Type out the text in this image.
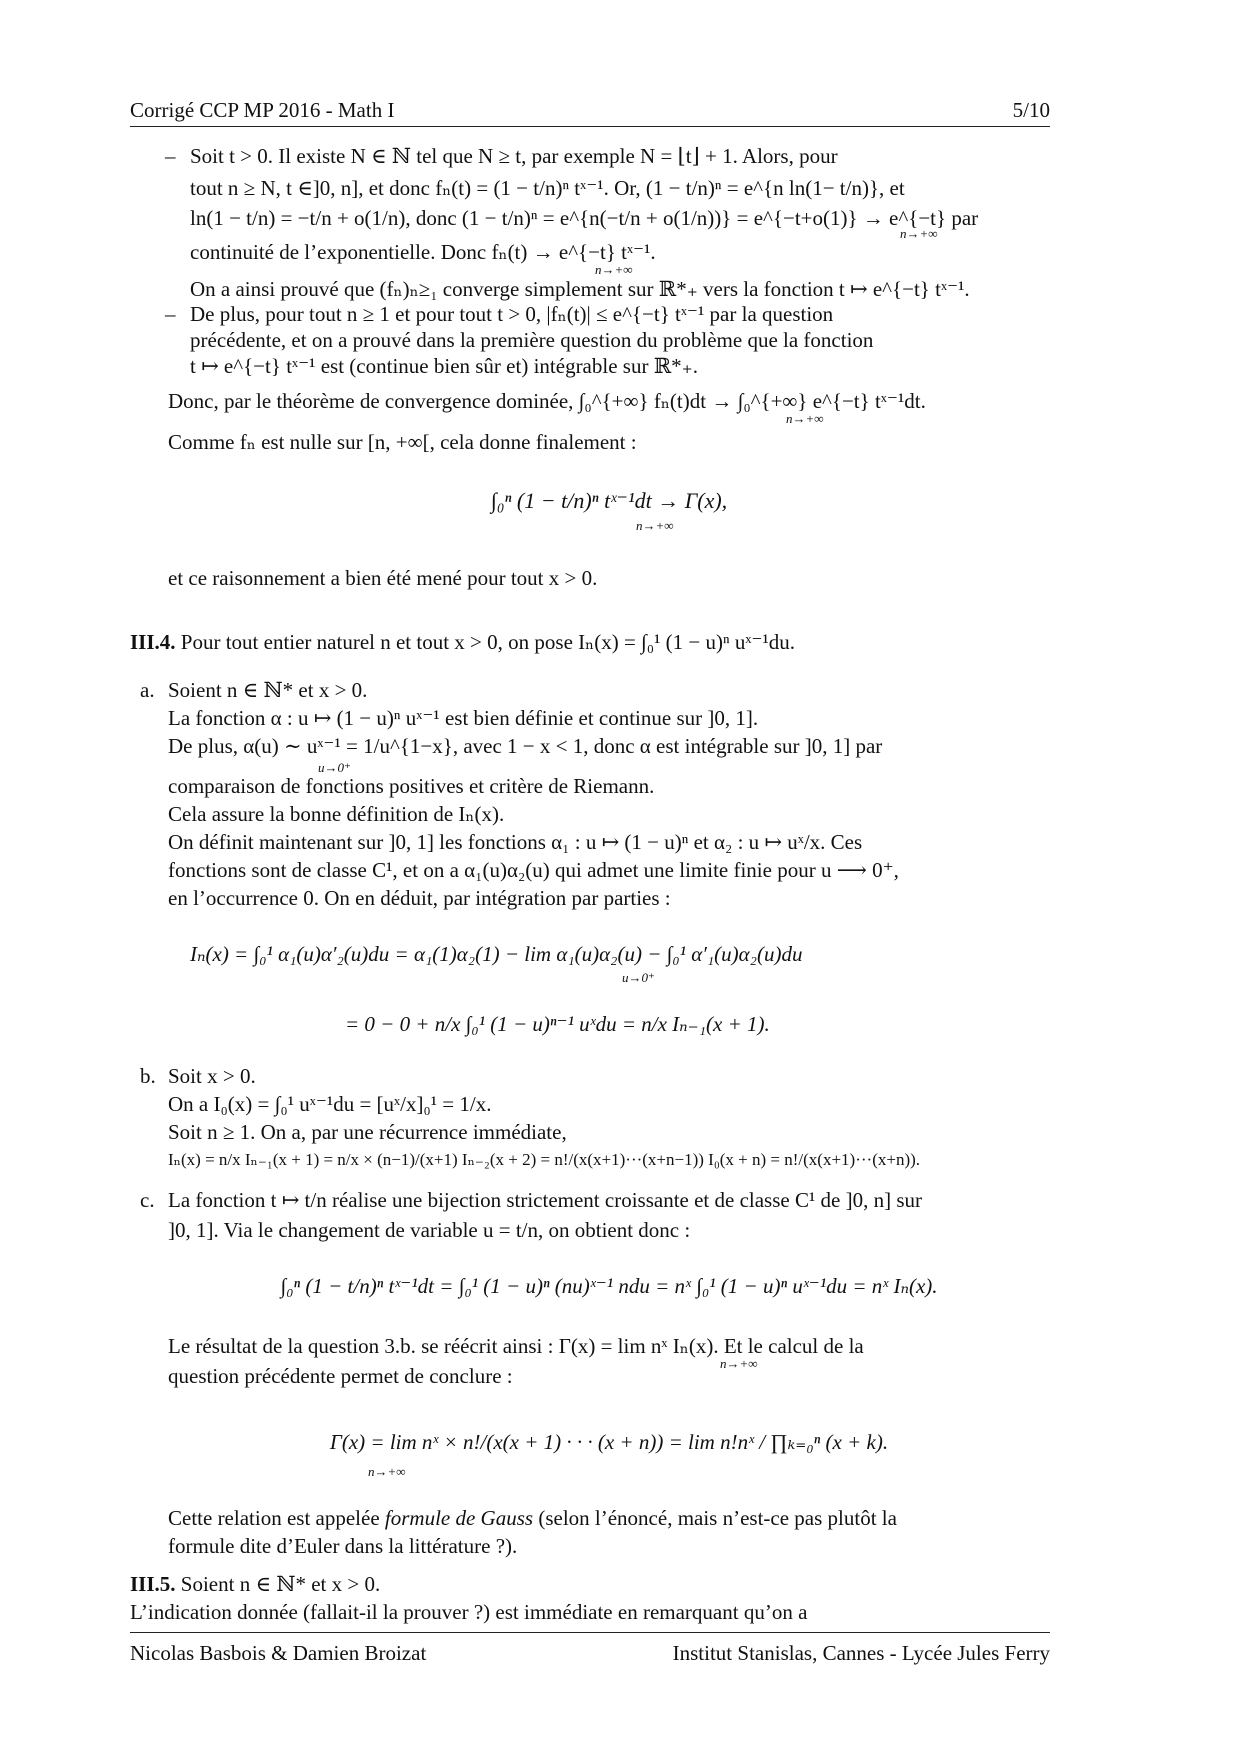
Corrigé CCP MP 2016 - Math I	5/10
– Soit t > 0. Il existe N ∈ ℕ tel que N ≥ t, par exemple N = ⌊t⌋ + 1. Alors, pour
tout n ≥ N, t ∈]0, n], et donc fₙ(t) = (1 − t/n)ⁿ tˣ⁻¹. Or, (1 − t/n)ⁿ = e^{n ln(1− t/n)}, et
ln(1 − t/n) = −t/n + o(1/n), donc (1 − t/n)ⁿ = e^{n(−t/n + o(1/n))} = e^{−t+o(1)} → e^{−t} par
n→+∞
continuité de l’exponentielle. Donc fₙ(t) → e^{−t} tˣ⁻¹.
n→+∞
On a ainsi prouvé que (fₙ)ₙ≥₁ converge simplement sur ℝ*₊ vers la fonction t ↦ e^{−t} tˣ⁻¹.
– De plus, pour tout n ≥ 1 et pour tout t > 0, |fₙ(t)| ≤ e^{−t} tˣ⁻¹ par la question
précédente, et on a prouvé dans la première question du problème que la fonction
t ↦ e^{−t} tˣ⁻¹ est (continue bien sûr et) intégrable sur ℝ*₊.
Donc, par le théorème de convergence dominée, ∫₀^{+∞} fₙ(t)dt → ∫₀^{+∞} e^{−t} tˣ⁻¹dt.
n→+∞
Comme fₙ est nulle sur [n, +∞[, cela donne finalement :
∫₀ⁿ (1 − t/n)ⁿ tˣ⁻¹dt → Γ(x),
n→+∞
et ce raisonnement a bien été mené pour tout x > 0.
III.4. Pour tout entier naturel n et tout x > 0, on pose Iₙ(x) = ∫₀¹ (1 − u)ⁿ uˣ⁻¹du.
a. Soient n ∈ ℕ* et x > 0.
La fonction α : u ↦ (1 − u)ⁿ uˣ⁻¹ est bien définie et continue sur ]0, 1].
De plus, α(u) ∼ uˣ⁻¹ = 1/u^{1−x}, avec 1 − x < 1, donc α est intégrable sur ]0, 1] par
u→0⁺
comparaison de fonctions positives et critère de Riemann.
Cela assure la bonne définition de Iₙ(x).
On définit maintenant sur ]0, 1] les fonctions α₁ : u ↦ (1 − u)ⁿ et α₂ : u ↦ uˣ/x. Ces
fonctions sont de classe C¹, et on a α₁(u)α₂(u) qui admet une limite finie pour u ⟶ 0⁺,
en l’occurrence 0. On en déduit, par intégration par parties :
Iₙ(x) = ∫₀¹ α₁(u)α′₂(u)du = α₁(1)α₂(1) − lim α₁(u)α₂(u) − ∫₀¹ α′₁(u)α₂(u)du
u→0⁺
= 0 − 0 + n/x ∫₀¹ (1 − u)ⁿ⁻¹ uˣdu = n/x Iₙ₋₁(x + 1).
b. Soit x > 0.
On a I₀(x) = ∫₀¹ uˣ⁻¹du = [uˣ/x]₀¹ = 1/x.
Soit n ≥ 1. On a, par une récurrence immédiate,
Iₙ(x) = n/x Iₙ₋₁(x + 1) = n/x × (n−1)/(x+1) Iₙ₋₂(x + 2) = n!/(x(x+1)···(x+n−1)) I₀(x + n) = n!/(x(x+1)···(x+n)).
c. La fonction t ↦ t/n réalise une bijection strictement croissante et de classe C¹ de ]0, n] sur
]0, 1]. Via le changement de variable u = t/n, on obtient donc :
∫₀ⁿ (1 − t/n)ⁿ tˣ⁻¹dt = ∫₀¹ (1 − u)ⁿ (nu)ˣ⁻¹ ndu = nˣ ∫₀¹ (1 − u)ⁿ uˣ⁻¹du = nˣ Iₙ(x).
Le résultat de la question 3.b. se réécrit ainsi : Γ(x) = lim nˣ Iₙ(x). Et le calcul de la
n→+∞
question précédente permet de conclure :
Γ(x) = lim nˣ × n!/(x(x + 1) · · · (x + n)) = lim n!nˣ / ∏ₖ₌₀ⁿ (x + k).
n→+∞
Cette relation est appelée formule de Gauss (selon l’énoncé, mais n’est-ce pas plutôt la
formule dite d’Euler dans la littérature ?).
III.5. Soient n ∈ ℕ* et x > 0.
L’indication donnée (fallait-il la prouver ?) est immédiate en remarquant qu’on a
Nicolas Basbois & Damien Broizat	Institut Stanislas, Cannes - Lycée Jules Ferry
